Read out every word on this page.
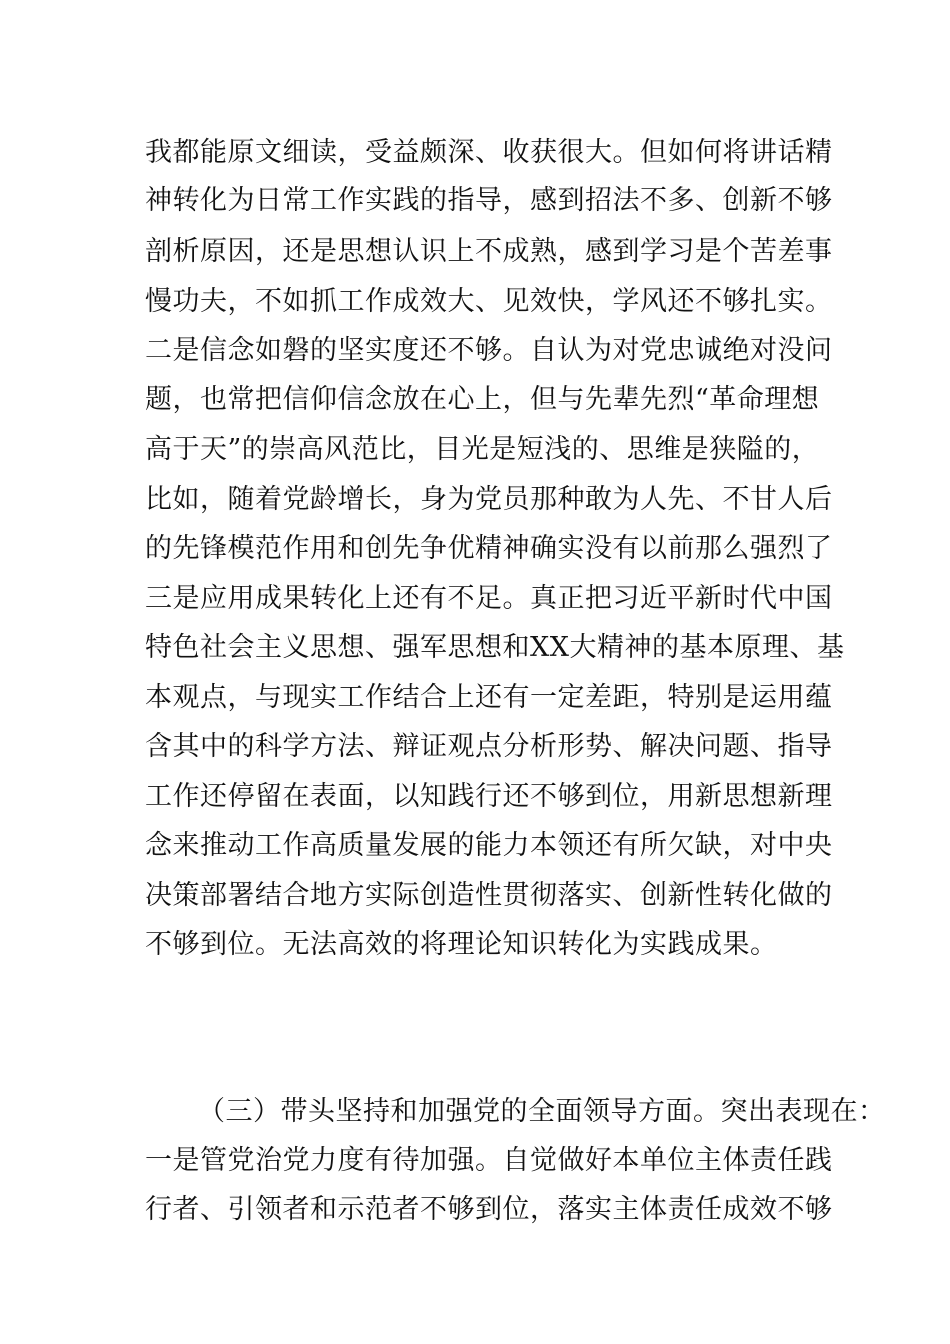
我都能原文细读，受益颇深、收获很大。但如何将讲话精
神转化为日常工作实践的指导，感到招法不多、创新不够
剖析原因，还是思想认识上不成熟，感到学习是个苦差事
慢功夫，不如抓工作成效大、见效快，学风还不够扎实。
二是信念如磐的坚实度还不够。自认为对党忠诚绝对没问
题，也常把信仰信念放在心上，但与先辈先烈“革命理想
高于天”的崇高风范比，目光是短浅的、思维是狭隘的，
比如，随着党龄增长，身为党员那种敢为人先、不甘人后
的先锋模范作用和创先争优精神确实没有以前那么强烈了
三是应用成果转化上还有不足。真正把习近平新时代中国
特色社会主义思想、强军思想和XX大精神的基本原理、基
本观点，与现实工作结合上还有一定差距，特别是运用蕴
含其中的科学方法、辩证观点分析形势、解决问题、指导
工作还停留在表面，以知践行还不够到位，用新思想新理
念来推动工作高质量发展的能力本领还有所欠缺，对中央
决策部署结合地方实际创造性贯彻落实、创新性转化做的
不够到位。无法高效的将理论知识转化为实践成果。
（三）带头坚持和加强党的全面领导方面。突出表现在：
一是管党治党力度有待加强。自觉做好本单位主体责任践
行者、引领者和示范者不够到位，落实主体责任成效不够
